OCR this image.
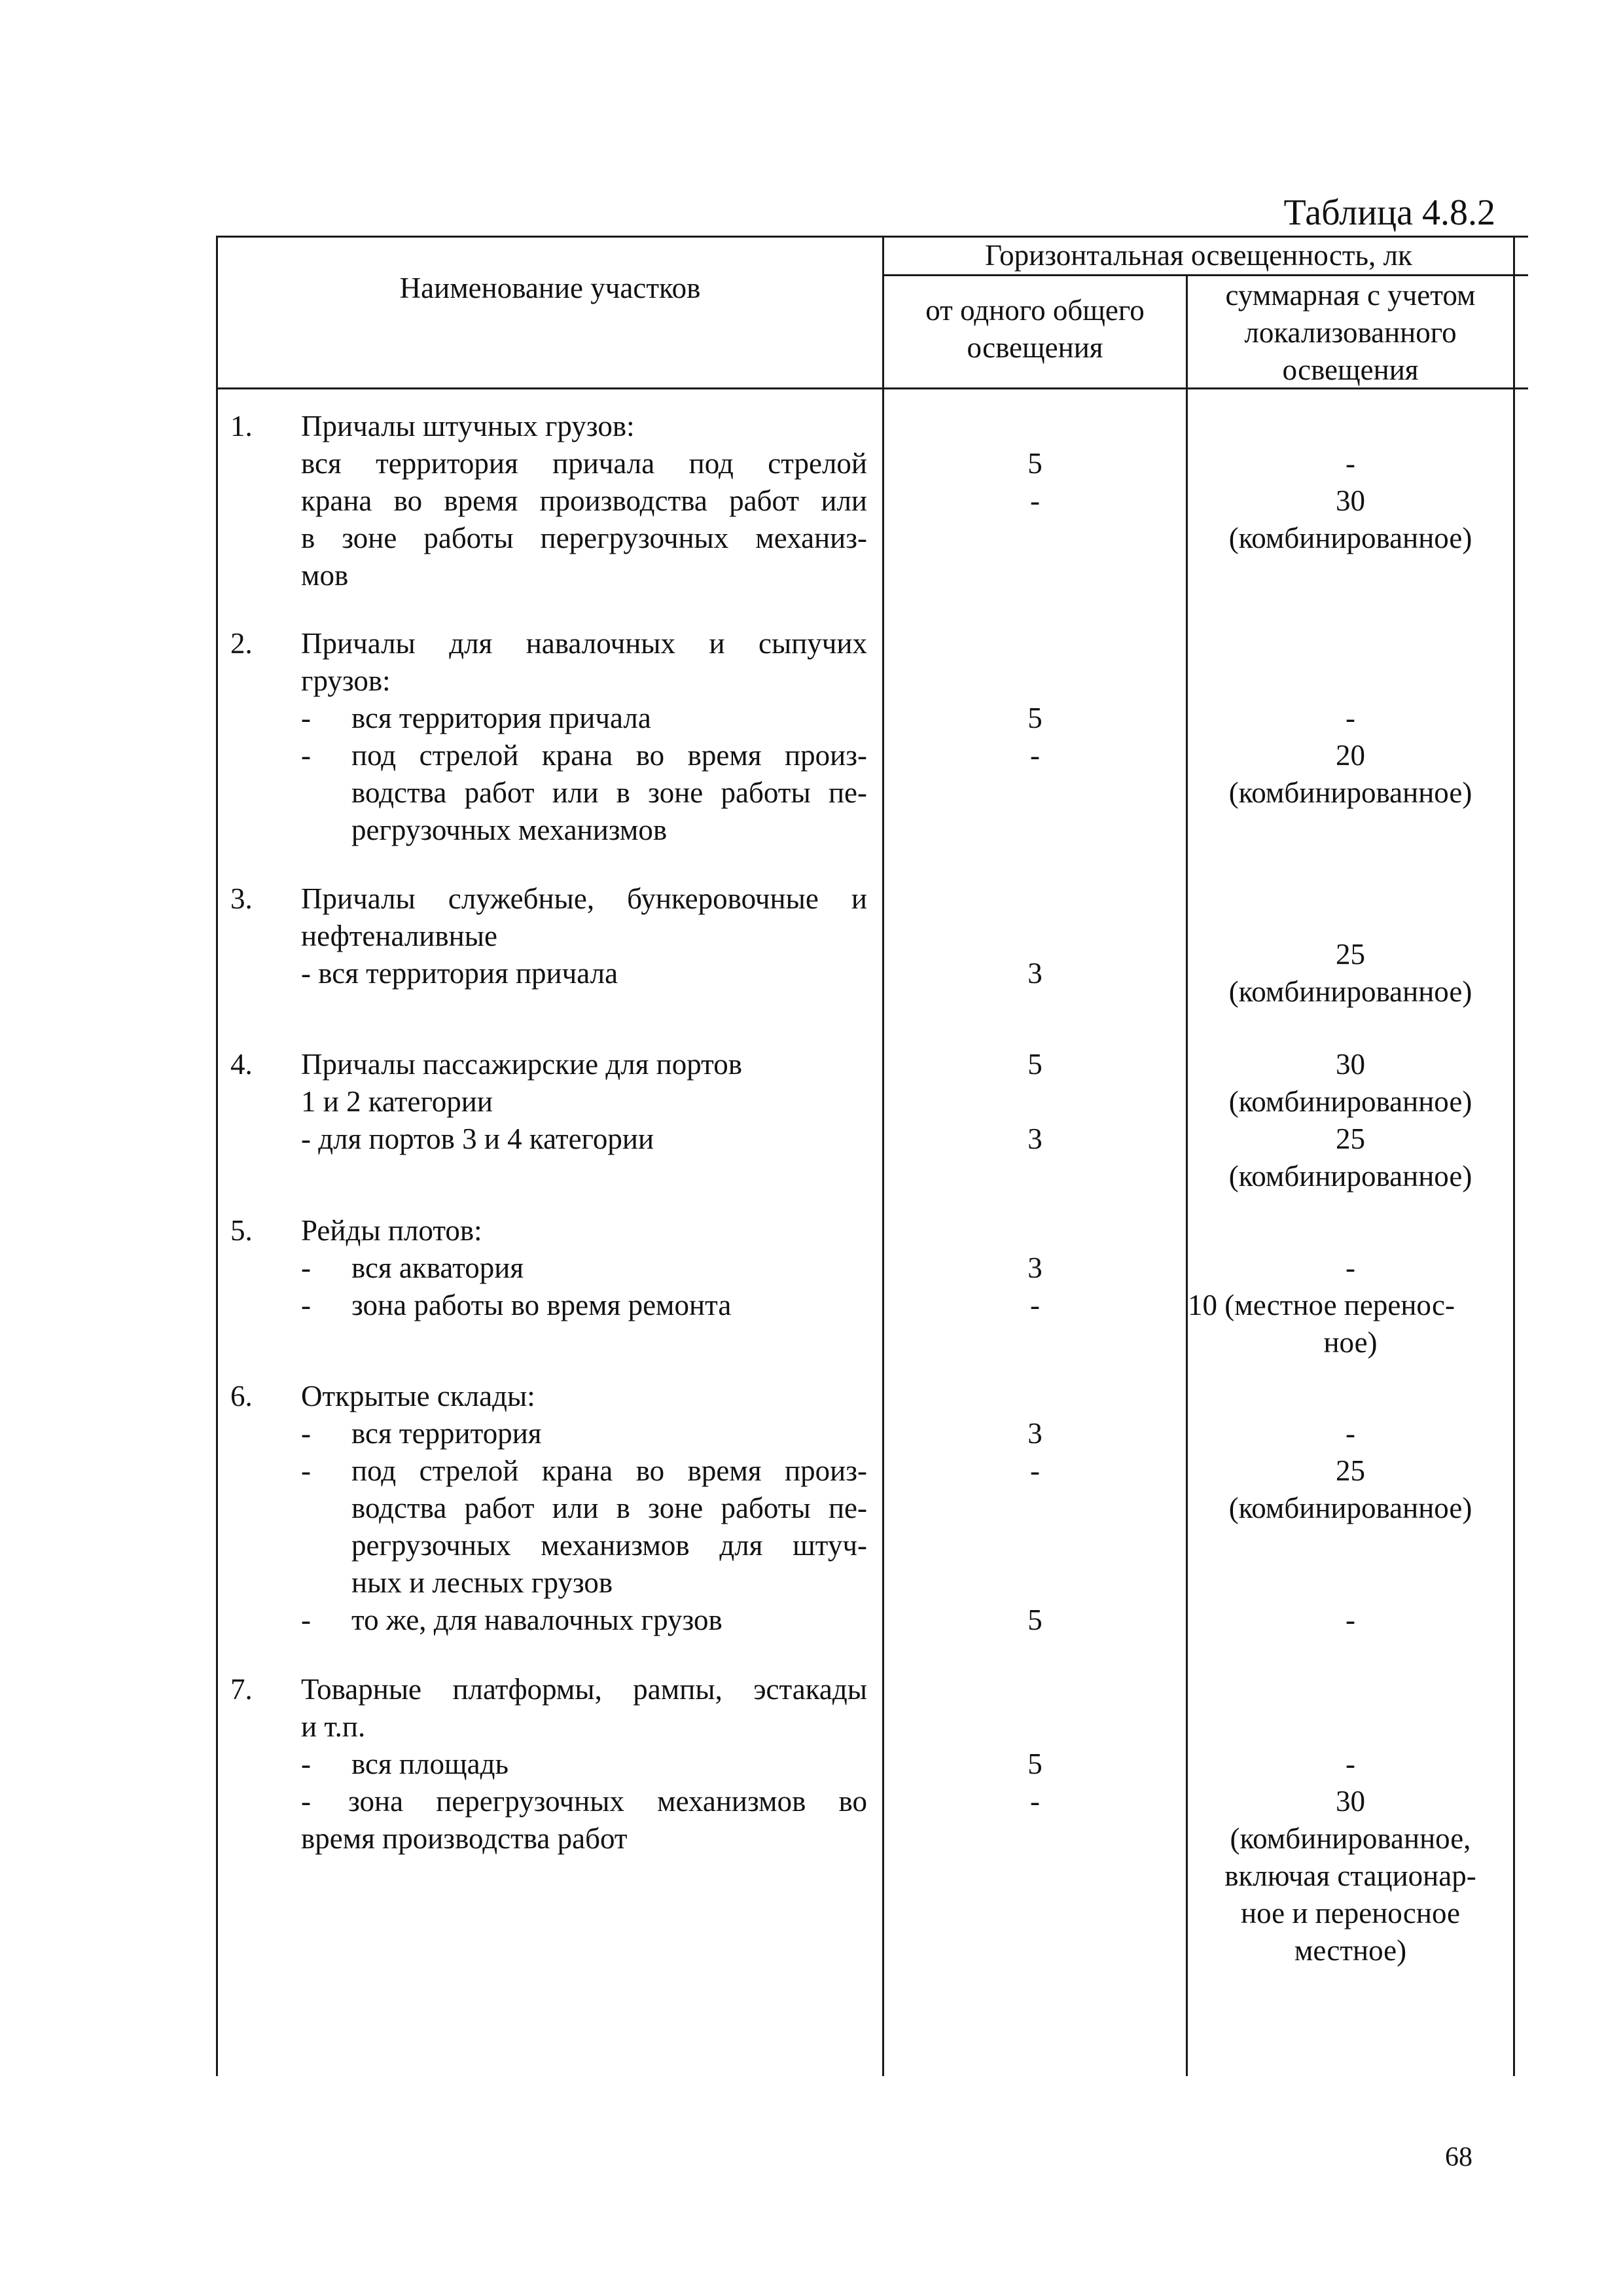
Таблица 4.8.2
Наименование участков
Горизонтальная освещенность, лк
от одного общего
освещения
суммарная с учетом
локализованного
освещения
1. Причалы штучных грузов:
вся территория причала под стрелой
крана во время производства работ или
в зоне работы перегрузочных механиз-
мов
5
-
-
30
(комбинированное)
2. Причалы для навалочных и сыпучих
грузов:
- вся территория причала
- под стрелой крана во время произ-
водства работ или в зоне работы пе-
регрузочных механизмов
5
-
-
20
(комбинированное)
3. Причалы служебные, бункеровочные и
нефтеналивные
- вся территория причала	3
25
(комбинированное)
4. Причалы пассажирские для портов
1 и 2 категории
- для портов 3 и 4 категории
5
3
30
(комбинированное)
25
(комбинированное)
5. Рейды плотов:
- вся акватория
- зона работы во время ремонта
3
-
-
10 (местное перенос-
ное)
6. Открытые склады:
- вся территория
- под стрелой крана во время произ-
водства работ или в зоне работы пе-
регрузочных механизмов для штуч-
ных и лесных грузов
- то же, для навалочных грузов
3
-
5
-
25
(комбинированное)
-
7. Товарные платформы, рампы, эстакады
и т.п.
- вся площадь
- зона перегрузочных механизмов во
время производства работ
5
-
-
30
(комбинированное,
включая стационар-
ное и переносное
местное)
68
